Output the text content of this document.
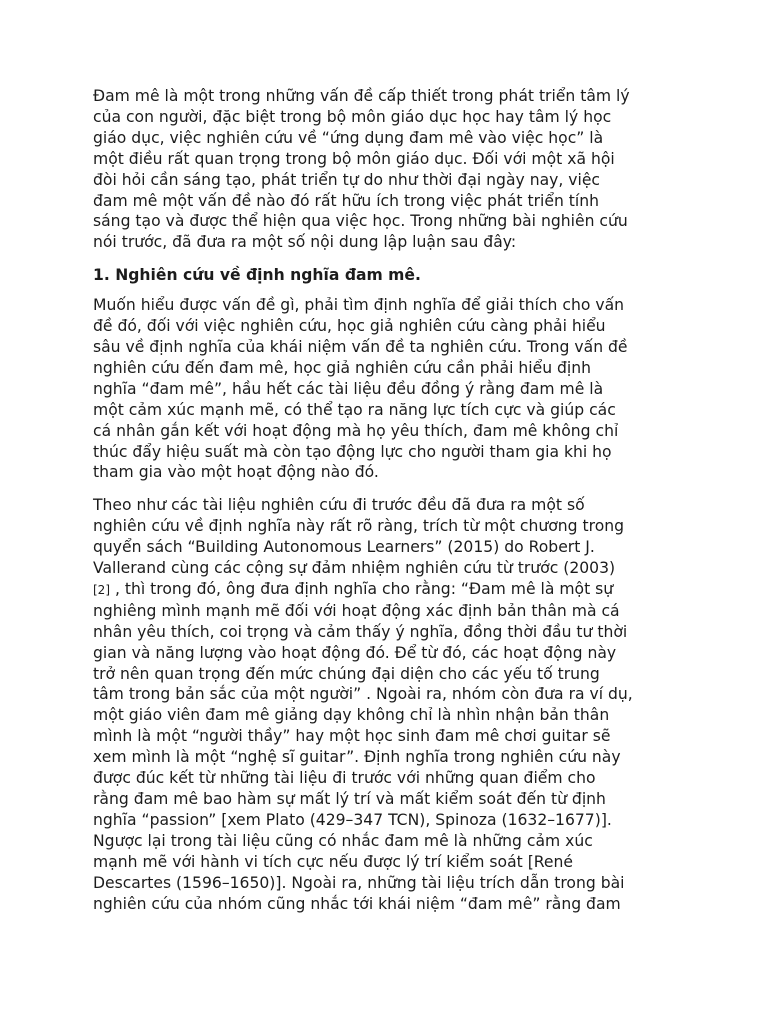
Đam mê là một trong những vấn đề cấp thiết trong phát triển tâm lý
của con người, đặc biệt trong bộ môn giáo dục học hay tâm lý học
giáo dục, việc nghiên cứu về “ứng dụng đam mê vào việc học” là
một điều rất quan trọng trong bộ môn giáo dục. Đối với một xã hội
đòi hỏi cần sáng tạo, phát triển tự do như thời đại ngày nay, việc
đam mê một vấn đề nào đó rất hữu ích trong việc phát triển tính
sáng tạo và được thể hiện qua việc học. Trong những bài nghiên cứu
nói trước, đã đưa ra một số nội dung lập luận sau đây:

1. Nghiên cứu về định nghĩa đam mê.

Muốn hiểu được vấn đề gì, phải tìm định nghĩa để giải thích cho vấn
đề đó, đối với việc nghiên cứu, học giả nghiên cứu càng phải hiểu
sâu về định nghĩa của khái niệm vấn đề ta nghiên cứu. Trong vấn đề
nghiên cứu đến đam mê, học giả nghiên cứu cần phải hiểu định
nghĩa “đam mê”, hầu hết các tài liệu đều đồng ý rằng đam mê là
một cảm xúc mạnh mẽ, có thể tạo ra năng lực tích cực và giúp các
cá nhân gắn kết với hoạt động mà họ yêu thích, đam mê không chỉ
thúc đẩy hiệu suất mà còn tạo động lực cho người tham gia khi họ
tham gia vào một hoạt động nào đó.

Theo như các tài liệu nghiên cứu đi trước đều đã đưa ra một số
nghiên cứu về định nghĩa này rất rõ ràng, trích từ một chương trong
quyển sách “Building Autonomous Learners” (2015) do Robert J.
Vallerand cùng các cộng sự đảm nhiệm nghiên cứu từ trước (2003)
[2] , thì trong đó, ông đưa định nghĩa cho rằng: “Đam mê là một sự
nghiêng mình mạnh mẽ đối với hoạt động xác định bản thân mà cá
nhân yêu thích, coi trọng và cảm thấy ý nghĩa, đồng thời đầu tư thời
gian và năng lượng vào hoạt động đó. Để từ đó, các hoạt động này
trở nên quan trọng đến mức chúng đại diện cho các yếu tố trung
tâm trong bản sắc của một người” . Ngoài ra, nhóm còn đưa ra ví dụ,
một giáo viên đam mê giảng dạy không chỉ là nhìn nhận bản thân
mình là một “người thầy” hay một học sinh đam mê chơi guitar sẽ
xem mình là một “nghệ sĩ guitar”. Định nghĩa trong nghiên cứu này
được đúc kết từ những tài liệu đi trước với những quan điểm cho
rằng đam mê bao hàm sự mất lý trí và mất kiểm soát đến từ định
nghĩa “passion” [xem Plato (429–347 TCN), Spinoza (1632–1677)].
Ngược lại trong tài liệu cũng có nhắc đam mê là những cảm xúc
mạnh mẽ với hành vi tích cực nếu được lý trí kiểm soát [René
Descartes (1596–1650)]. Ngoài ra, những tài liệu trích dẫn trong bài
nghiên cứu của nhóm cũng nhắc tới khái niệm “đam mê” rằng đam
